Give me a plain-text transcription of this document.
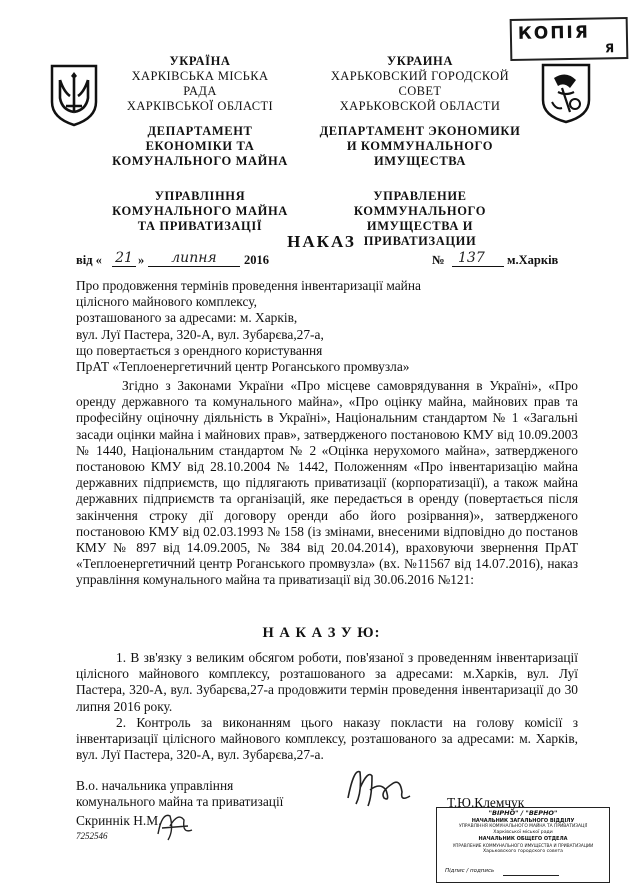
КОПІЯ
Я
УКРАЇНА
ХАРКІВСЬКА МІСЬКА
РАДА
ХАРКІВСЬКОЇ ОБЛАСТІ
ДЕПАРТАМЕНТ
ЕКОНОМІКИ ТА
КОМУНАЛЬНОГО МАЙНА
УПРАВЛІННЯ
КОМУНАЛЬНОГО МАЙНА
ТА ПРИВАТИЗАЦІЇ
УКРАИНА
ХАРЬКОВСКИЙ ГОРОДСКОЙ
СОВЕТ
ХАРЬКОВСКОЙ ОБЛАСТИ
ДЕПАРТАМЕНТ ЭКОНОМИКИ
И КОММУНАЛЬНОГО
ИМУЩЕСТВА
УПРАВЛЕНИЕ
КОММУНАЛЬНОГО
ИМУЩЕСТВА И
ПРИВАТИЗАЦИИ
НАКАЗ
від « 21 »	липня	2016	№ 137	м.Харків
Про продовження термінів проведення інвентаризації майна
цілісного майнового комплексу,
розташованого за адресами: м. Харків,
вул. Луї Пастера, 320-А, вул. Зубарєва,27-а,
що повертається з орендного користування
ПрАТ «Теплоенергетичний центр Роганського промвузла»

Згідно з Законами України «Про місцеве самоврядування в Україні», «Про оренду державного та комунального майна», «Про оцінку майна, майнових прав та професійну оціночну діяльність в Україні», Національним стандартом № 1 «Загальні засади оцінки майна і майнових прав», затвердженого постановою КМУ від 10.09.2003 № 1440, Національним стандартом № 2 «Оцінка нерухомого майна», затвердженого постановою КМУ від 28.10.2004 № 1442, Положенням «Про інвентаризацію майна державних підприємств, що підлягають приватизації (корпоратизації), а також майна державних підприємств та організацій, яке передається в оренду (повертається після закінчення строку дії договору оренди або його розірвання)», затвердженого постановою КМУ від 02.03.1993 № 158 (із змінами, внесеними відповідно до постанов КМУ № 897 від 14.09.2005, № 384 від 20.04.2014), враховуючи звернення ПрАТ «Теплоенергетичний центр Роганського промвузла» (вх. №11567 від 14.07.2016), наказ управління комунального майна та приватизації від 30.06.2016 №121:

Н А К А З У Ю:

1. В зв'язку з великим обсягом роботи, пов'язаної з проведенням інвентаризації цілісного майнового комплексу, розташованого за адресами: м.Харків, вул. Луї Пастера, 320-А, вул. Зубарєва,27-а продовжити термін проведення інвентаризації до 30 липня 2016 року.

2. Контроль за виконанням цього наказу покласти на голову комісії з інвентаризації цілісного майнового комплексу, розташованого за адресами: м. Харків, вул. Луї Пастера, 320-А, вул. Зубарєва,27-а.

В.о. начальника управління
комунального майна та приватизації	Т.Ю.Клемчук
Скриннік Н.М.
7252546
"ВІРНО" / "ВЕРНО"
НАЧАЛЬНИК ЗАГАЛЬНОГО ВІДДІЛУ
УПРАВЛІННЯ КОМУНАЛЬНОГО МАЙНА ТА ПРИВАТИЗАЦІЇ
Харківської міської ради
НАЧАЛЬНИК ОБЩЕГО ОТДЕЛА
УПРАВЛЕНИЕ КОММУНАЛЬНОГО ИМУЩЕСТВА И ПРИВАТИЗАЦИИ
Харьковского городского совета
Підпис / подпись
